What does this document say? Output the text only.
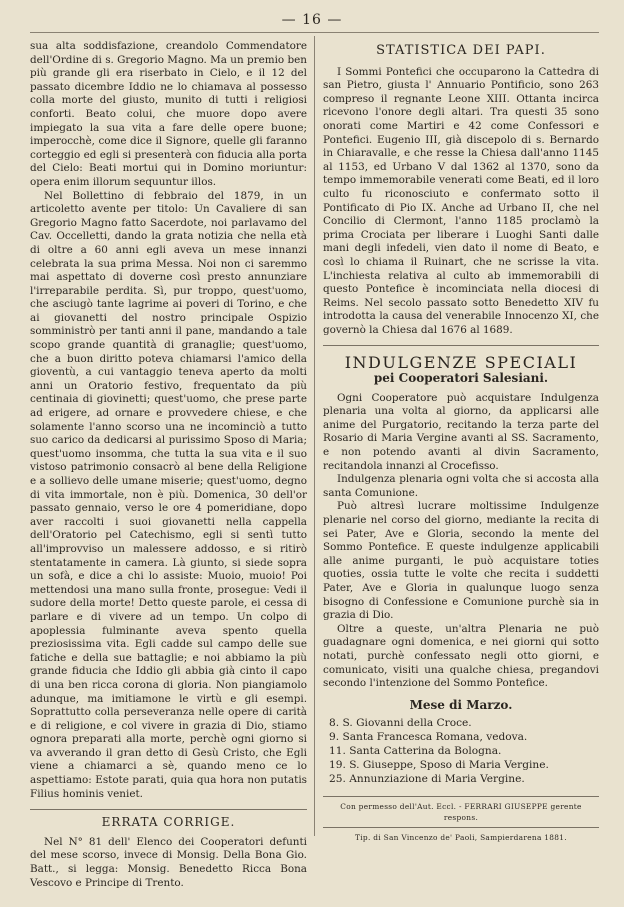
— 16 —

sua alta soddisfazione, creandolo Commendatore dell'Ordine di s. Gregorio Magno. Ma un premio ben più grande gli era riserbato in Cielo, e il 12 del passato dicembre Iddio ne lo chiamava al possesso colla morte del giusto, munito di tutti i religiosi conforti. Beato colui, che muore dopo avere impiegato la sua vita a fare delle opere buone; imperocchè, come dice il Signore, quelle gli faranno corteggio ed egli si presenterà con fiducia alla porta del Cielo: Beati mortui qui in Domino moriuntur: opera enim illorum sequuntur illos.

Nel Bollettino di febbraio del 1879, in un articoletto avente per titolo: Un Cavaliere di san Gregorio Magno fatto Sacerdote, noi parlavamo del Cav. Occelletti, dando la grata notizia che nella età di oltre a 60 anni egli aveva un mese innanzi celebrata la sua prima Messa. Noi non ci saremmo mai aspettato di doverne così presto annunziare l'irreparabile perdita. Sì, pur troppo, quest'uomo, che asciugò tante lagrime ai poveri di Torino, e che ai giovanetti del nostro principale Ospizio somministrò per tanti anni il pane, mandando a tale scopo grande quantità di granaglie; quest'uomo, che a buon diritto poteva chiamarsi l'amico della gioventù, a cui vantaggio teneva aperto da molti anni un Oratorio festivo, frequentato da più centinaia di giovinetti; quest'uomo, che prese parte ad erigere, ad ornare e provvedere chiese, e che solamente l'anno scorso una ne incominciò a tutto suo carico da dedicarsi al purissimo Sposo di Maria; quest'uomo insomma, che tutta la sua vita e il suo vistoso patrimonio consacrò al bene della Religione e a sollievo delle umane miserie; quest'uomo, degno di vita immortale, non è più. Domenica, 30 dell'or passato gennaio, verso le ore 4 pomeridiane, dopo aver raccolti i suoi giovanetti nella cappella dell'Oratorio pel Catechismo, egli si sentì tutto all'improvviso un malessere addosso, e si ritirò stentatamente in camera. Là giunto, si siede sopra un sofà, e dice a chi lo assiste: Muoio, muoio! Poi mettendosi una mano sulla fronte, prosegue: Vedi il sudore della morte! Detto queste parole, ei cessa di parlare e di vivere ad un tempo. Un colpo di apoplessia fulminante aveva spento quella preziosissima vita. Egli cadde sul campo delle sue fatiche e della sue battaglie; e noi abbiamo la più grande fiducia che Iddio gli abbia già cinto il capo di una ben ricca corona di gloria. Non piangiamolo adunque, ma imitiamone le virtù e gli esempi. Soprattutto colla perseveranza nelle opere di carità e di religione, e col vivere in grazia di Dio, stiamo ognora preparati alla morte, perchè ogni giorno si va avverando il gran detto di Gesù Cristo, che Egli viene a chiamarci a sè, quando meno ce lo aspettiamo: Estote parati, quia qua hora non putatis Filius hominis veniet.

ERRATA CORRIGE.

Nel N° 81 dell' Elenco dei Cooperatori defunti del mese scorso, invece di Monsig. Della Bona Gio. Batt., si legga: Monsig. Benedetto Ricca Bona Vescovo e Principe di Trento.

STATISTICA DEI PAPI.

I Sommi Pontefici che occuparono la Cattedra di san Pietro, giusta l' Annuario Pontificio, sono 263 compreso il regnante Leone XIII. Ottanta incirca ricevono l'onore degli altari. Tra questi 35 sono onorati come Martiri e 42 come Confessori e Pontefici. Eugenio III, già discepolo di s. Bernardo in Chiaravalle, e che resse la Chiesa dall'anno 1145 al 1153, ed Urbano V dal 1362 al 1370, sono da tempo immemorabile venerati come Beati, ed il loro culto fu riconosciuto e confermato sotto il Pontificato di Pio IX. Anche ad Urbano II, che nel Concilio di Clermont, l'anno 1185 proclamò la prima Crociata per liberare i Luoghi Santi dalle mani degli infedeli, vien dato il nome di Beato, e così lo chiama il Ruinart, che ne scrisse la vita. L'inchiesta relativa al culto ab immemorabili di questo Pontefice è incominciata nella diocesi di Reims. Nel secolo passato sotto Benedetto XIV fu introdotta la causa del venerabile Innocenzo XI, che governò la Chiesa dal 1676 al 1689.

INDULGENZE SPECIALI
pei Cooperatori Salesiani.

Ogni Cooperatore può acquistare Indulgenza plenaria una volta al giorno, da applicarsi alle anime del Purgatorio, recitando la terza parte del Rosario di Maria Vergine avanti al SS. Sacramento, e non potendo avanti al divin Sacramento, recitandola innanzi al Crocefisso.

Indulgenza plenaria ogni volta che si accosta alla santa Comunione.

Può altresì lucrare moltissime Indulgenze plenarie nel corso del giorno, mediante la recita di sei Pater, Ave e Gloria, secondo la mente del Sommo Pontefice. E queste indulgenze applicabili alle anime purganti, le può acquistare toties quoties, ossia tutte le volte che recita i suddetti Pater, Ave e Gloria in qualunque luogo senza bisogno di Confessione e Comunione purchè sia in grazia di Dio.

Oltre a queste, un'altra Plenaria ne può guadagnare ogni domenica, e nei giorni qui sotto notati, purchè confessato negli otto giorni, e comunicato, visiti una qualche chiesa, pregandovi secondo l'intenzione del Sommo Pontefice.

Mese di Marzo.
8. S. Giovanni della Croce.
9. Santa Francesca Romana, vedova.
11. Santa Catterina da Bologna.
19. S. Giuseppe, Sposo di Maria Vergine.
25. Annunziazione di Maria Vergine.
Con permesso dell'Aut. Eccl. - FERRARI GIUSEPPE gerente respons.
Tip. di San Vincenzo de' Paoli, Sampierdarena 1881.
